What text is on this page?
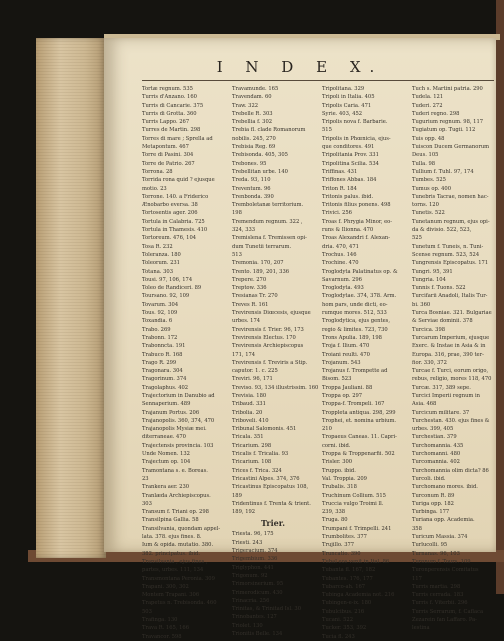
I N D E X.
Tortæ regnum. 535
Turris d'Anzano. 160
Turris di Cancarie. 375
Turris di Grotta. 360
Turris Lappo. 267
Turres de Martin. 298
Torres di mare ; Sprella ad
Metapontum. 467
Torre di Pasini. 304
Torre de Patrio. 267
Torrona. 28
Torrida rona quid ? ejusque
motio. 23
Torrone. 140. a Friderico
Ænobarbo eversa. 38
Tortosentis ager. 206
Tortula in Calabria. 725
Tortula in Thamesis. 410
Tortoreum. 476, 104
Tosa R. 232
Toleranza. 180
Toleorum. 231
Totana. 303
Tousi. 97, 106, 174
Toleo de Randiceri. 89
Toursano. 92, 109
Tovarum. 304
Tous. 92, 109
Toxandia. 6
Trabo. 269
Trabonn. 172
Trabonncta. 191
Trabuco R. 168
Trago R. 299
Tragonara. 304
Tragorinum. 374
Tragolaphus. 402
Trajectorium in Danubio ad
Sennaperium. 489
Trajanum Portus. 206
Trajanopolis. 360, 374, 470
Trajanopolis Mysiæ mei.
diterraneae. 470
Trajectensis provincia. 103
Unde Nomen. 132
Trajectum op. 104
Tramontana s. e. Boreas.
23
Trankera aer. 230
Tranlæda Archiepiscopus.
303
Transum f. Triani op. 298
Transilpina Gallia. 58
Transilvania, quondam appel-
lata. 378. ejus fines. 8.
Ium & opida. mutatio. 380.
382. principatus. ibid.
Transilvania , ejus fines ,
partes, urbes. 111, 134
Transmontana Peronia. 309
Trapani. 300, 302
Montem Trapani. 306
Trapetus n. Trebisonda. 460
503
Trafinga. 130
Trava R. 165, 166
Travancor. 598
Travamunde. 165
Travendam. 60
Traw. 322
Trebelle R. 303
Trebellia f. 302
Trebia fl. clade Romanorum
nobilis. 245, 270
Trebisia Reg. 69
Trebisonda. 405, 305
Trebones. 95
Trebellitan urbe. 140
Treda. 93, 110
Treventum. 96
Trenbonda. 390
Tremboletanæ territorium.
198
Tremendum regnum. 322 ,
324, 333
Tremislena f. Tremissen opi-
dum Tunetii terrarum.
513
Tremonia. 170, 207
Trento. 189, 201, 336
Trepere. 270
Treptow. 336
Tresianas Tr. 270
Treves R. 161
Trevirensis Diœcesis, ejusque
urbes. 174
Trevirensis f. Trier. 96, 173
Trevirensis Electus. 170
Trevirensis Archiepiscopus
171, 174
Trevirensis f. Treviris a Stip.
caputor. 1. c. 225
Treviri. 96, 171
Treviso. 93, 134 illustrissim. 160
Trevisia. 180
Tribaud. 331
Tribolia. 20
Triboveli. 410
Tribunal Salomonis. 451
Tricala. 351
Tricarium. 298
Tricalis f. Tricalia. 93
Tricarium. 108
Trices f. Trica. 324
Tricastini Alpes. 374, 376
Tricastinus Episcopatus 108,
189
Tridentinus f. Trenta & trient.
189, 192
Trier.
Triesta. 96, 175
Triesti. 243
Trigeracium. 374
Trigembium. 336
Triglyphon. 441
Trigonum. 92
Trimorsinerium. 95
Trimerodicum. 430
Trinacria. 256
Trinitas, & Trinitad Isl. 30
Trinobantes. 127
Triolet. 130
Trionitis Belle. 134
Tripolitana. 329
Tripoli in Italia. 405
Tripolis Caria. 471
Syrie. 403, 452
Tripolis nova f. Barbarie.
515
Tripolis in Phœnicia, ejus-
que conditores. 491
Tripolitania Prov. 331
Tripolitina Scilia. 534
Triffinas. 431
Triffones Abbas. 184
Triton R. 184
Tritonis palus. ibid.
Tritonis filius ponens. 498
Trivici. 256
Troas f. Phrygia Minor, eo-
runs & Ilionna. 470
Troas Alexandri f. Alexan-
dria. 470, 471
Trochus. 146
Trochine. 470
Troglodyta Palatinatus op. &
Savarnum. 296
Troglodyta. 493
Troglodytae. 374, 378. Arm.
hom pars, unde dicti, eo-
rumque mores. 512, 533
Troglodytica, ejus gentes,
regio & limites. 723, 730
Trons Apulia. 189, 198
Troja f. Ilium. 470
Troiani reulti. 470
Trojanum. 543
Trojanus f. Trompette ad
Bisom. 523
Troppa Jauliani. 88
Troppa op. 297
Troppa-f. Trompeli. 167
Troppleta antiqua. 298, 299
Trophei, et. nomina urbium.
210
Tropaeus Caneas. 11. Capri-
corni. ibid.
Troppa & Troppenarfii. 502
Trisler. 300
Truppo. ibid.
Val. Troppia. 209
Trubalis. 318
Truchinum Collium. 515
Truccia vulgo Troimi ll.
239, 338
Truga. 80
Trumpani f. Trimpelli. 241
Trumbolites. 377
Trujillo. 377
Truncatio. 390
Tubal eos venit in Ital. 86
Tubanta fl. 167, 182
Tubantes. 176, 177
Tubarco-ah. 167
Tubinga Academia not. 216
Tubingen-e-ix. 180
Tubulcibus. 216
Tucani. 522
Tucker. 353, 392
Tucia fl. 243
Tuch s. Martini patria. 290
Tudela. 121
Tuderi. 272
Tuderi regno. 298
Tugurium regnum. 98, 117
Tugiatum op. Tugii. 112
Tuis opp. 48
Tuiscon Ducem Germanorum
Deus. 105
Tulla. 98
Tullium f. Tuhl. 97, 174
Tumbes. 525
Tumus op. 400
Tunebris Tacrae, nomen hac-
torns. 120
Tunetis. 522
Tunetanum regnum, ejus opi-
da & divisio. 522, 523,
525
Tunetum f. Tuneis, n. Tuni-
Scense regnum. 523, 524
Tungrensis Episcopatus. 171
Tungri. 95, 391
Tungria. 104
Tunnis f. Tuons. 522
Turcifarii Anadoli, Italis Tur-
bi. 360
Turca Bosniae. 321. Bulgariae
& Serviae dominii. 378
Turcica. 398
Turcarum Imperium, ejusque
Exerc. & Instae in Asia & in
Europa. 316, prae, 390 ter-
fior. 330, 372
Turcae f. Turci, eorum origo,
rebus, religio, mores 118, 470
Turcæ. 317, 389 sepe.
Turcici Imperii regnum in
Asia. 468
Turcicum militare. 37
Turchestan. 430. ejus fines &
urbes. 399, 405
Turchestian. 379
Turchomannia. 435
Turchomanni. 480
Turcomannia. 402
Turchomannia olim dicta? 86
Turcoli. ibid.
Turchomano mores. ibid.
Turconum R. 89
Turiga opp. 182
Turbinga. 177
Turiana opp. Academia.
358
Turicum Massia. 374
Turlucolli. 95
Turnanas. 96, 103
Turonum f. Tours. 109
Turonperensis Comitatus
117
Turris martia. 298
Turris cerrada. 183
Turris f. Viterbii. 296
Turris Serrarum, f. Caflaca
Zezarein fan Laffaro. Pa-
lestina
